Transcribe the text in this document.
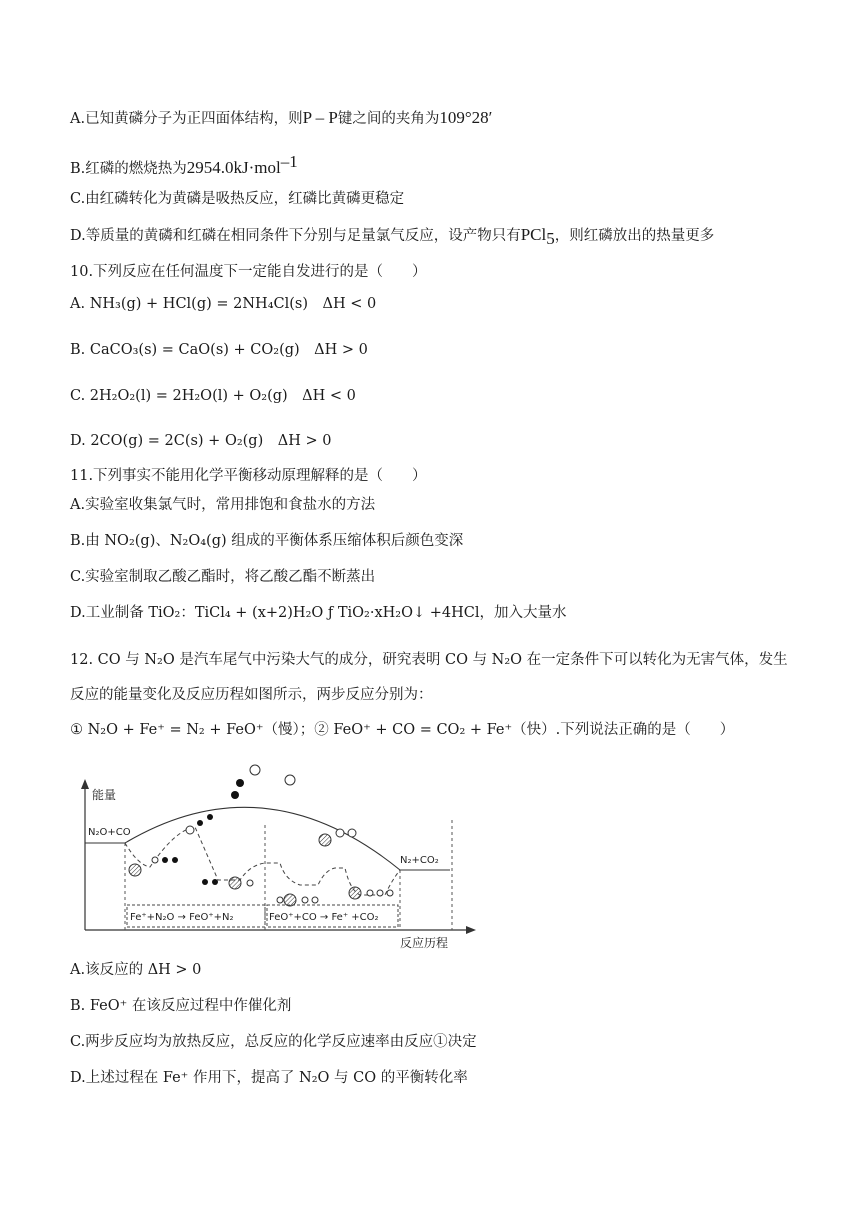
A.已知黄磷分子为正四面体结构，则P – P键之间的夹角为109°28′
B.红磷的燃烧热为2954.0kJ·mol$^{-1}$
C.由红磷转化为黄磷是吸热反应，红磷比黄磷更稳定
D.等质量的黄磷和红磷在相同条件下分别与足量氯气反应，设产物只有PCl$_5$，则红磷放出的热量更多
10.下列反应在任何温度下一定能自发进行的是（　　）
A. NH₃(g) + HCl(g) = 2NH₄Cl(s)　ΔH < 0
B. CaCO₃(s) = CaO(s) + CO₂(g)　ΔH > 0
C. 2H₂O₂(l) = 2H₂O(l) + O₂(g)　ΔH < 0
D. 2CO(g) = 2C(s) + O₂(g)　ΔH > 0
11.下列事实不能用化学平衡移动原理解释的是（　　）
A.实验室收集氯气时，常用排饱和食盐水的方法
B.由 NO₂(g)、N₂O₄(g) 组成的平衡体系压缩体积后颜色变深
C.实验室制取乙酸乙酯时，将乙酸乙酯不断蒸出
D.工业制备 TiO₂：TiCl₄ + (x+2)H₂O ƒ TiO₂·xH₂O↓ +4HCl，加入大量水
12. CO 与 N₂O 是汽车尾气中污染大气的成分，研究表明 CO 与 N₂O 在一定条件下可以转化为无害气体，发生
反应的能量变化及反应历程如图所示，两步反应分别为：
① N₂O + Fe⁺ = N₂ + FeO⁺（慢）；② FeO⁺ + CO = CO₂ + Fe⁺（快）.下列说法正确的是（　　）
能量
反应历程
N₂O+CO
N₂+CO₂
Fe⁺+N₂O → FeO⁺+N₂	FeO⁺+CO → Fe⁺ +CO₂
A.该反应的 ΔH > 0
B. FeO⁺ 在该反应过程中作催化剂
C.两步反应均为放热反应，总反应的化学反应速率由反应①决定
D.上述过程在 Fe⁺ 作用下，提高了 N₂O 与 CO 的平衡转化率
